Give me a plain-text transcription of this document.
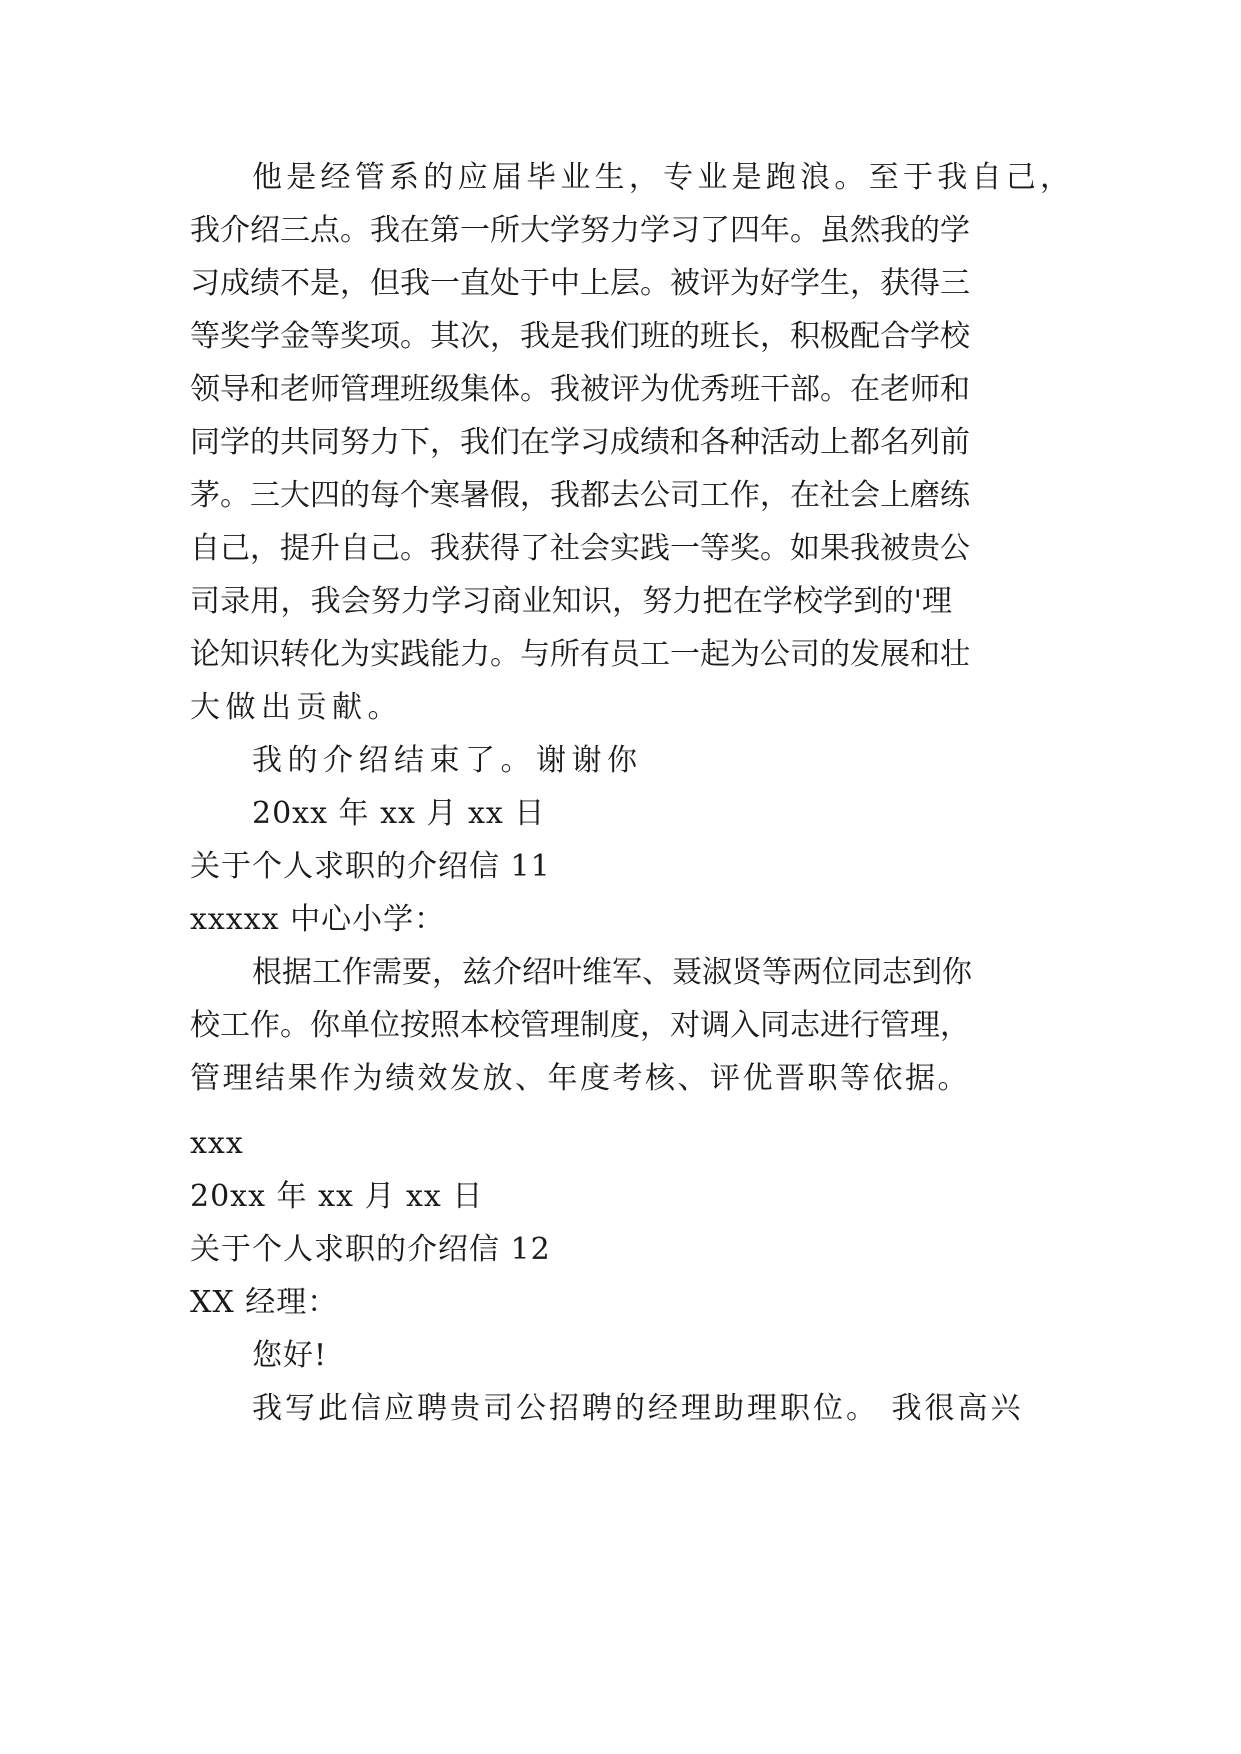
他是经管系的应届毕业生，专业是跑浪。至于我自己，
我介绍三点。我在第一所大学努力学习了四年。虽然我的学
习成绩不是，但我一直处于中上层。被评为好学生，获得三
等奖学金等奖项。其次，我是我们班的班长，积极配合学校
领导和老师管理班级集体。我被评为优秀班干部。在老师和
同学的共同努力下，我们在学习成绩和各种活动上都名列前
茅。三大四的每个寒暑假，我都去公司工作，在社会上磨练
自己，提升自己。我获得了社会实践一等奖。如果我被贵公
司录用，我会努力学习商业知识，努力把在学校学到的'理
论知识转化为实践能力。与所有员工一起为公司的发展和壮
大做出贡献。
我的介绍结束了。谢谢你
20xx 年 xx 月 xx 日
关于个人求职的介绍信 11
xxxxx 中心小学：
根据工作需要，兹介绍叶维军、聂淑贤等两位同志到你
校工作。你单位按照本校管理制度，对调入同志进行管理，
管理结果作为绩效发放、年度考核、评优晋职等依据。
xxx
20xx 年 xx 月 xx 日
关于个人求职的介绍信 12
XX 经理：
您好!
我写此信应聘贵司公招聘的经理助理职位。 我很高兴
